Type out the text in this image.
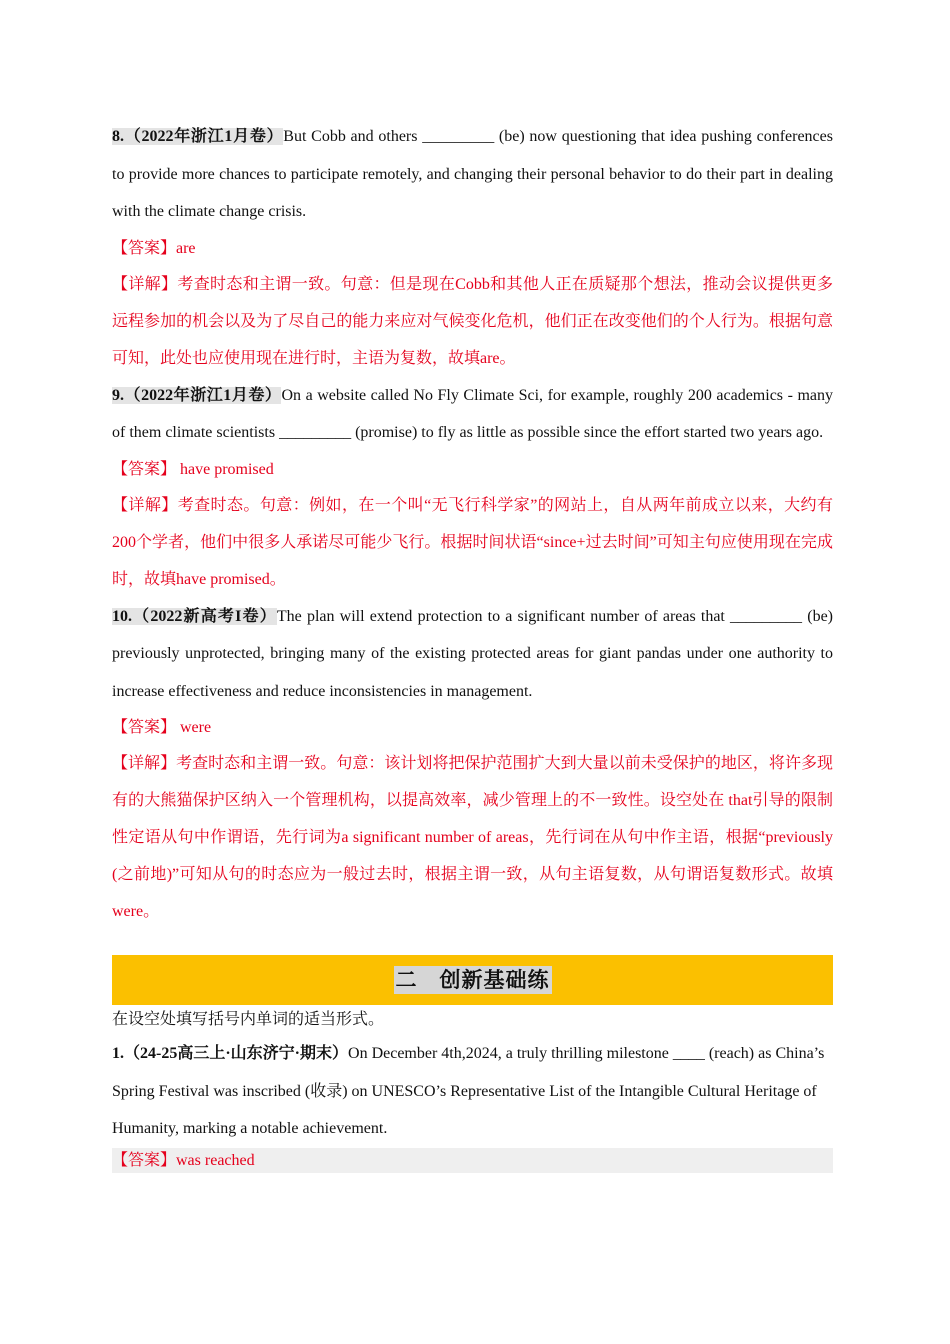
8.（2022年浙江1月卷）But Cobb and others _________ (be) now questioning that idea pushing conferences to provide more chances to participate remotely, and changing their personal behavior to do their part in dealing with the climate change crisis.

【答案】are

【详解】考查时态和主谓一致。句意：但是现在Cobb和其他人正在质疑那个想法，推动会议提供更多远程参加的机会以及为了尽自己的能力来应对气候变化危机，他们正在改变他们的个人行为。根据句意可知，此处也应使用现在进行时，主语为复数，故填are。

9.（2022年浙江1月卷）On a website called No Fly Climate Sci, for example, roughly 200 academics - many of them climate scientists _________ (promise) to fly as little as possible since the effort started two years ago.

【答案】 have promised

【详解】考查时态。句意：例如，在一个叫“无飞行科学家”的网站上，自从两年前成立以来，大约有200个学者，他们中很多人承诺尽可能少飞行。根据时间状语“since+过去时间”可知主句应使用现在完成时，故填have promised。

10.（2022新高考I卷）The plan will extend protection to a significant number of areas that _________ (be) previously unprotected, bringing many of the existing protected areas for giant pandas under one authority to increase effectiveness and reduce inconsistencies in management.

【答案】 were

【详解】考查时态和主谓一致。句意：该计划将把保护范围扩大到大量以前未受保护的地区，将许多现有的大熊猫保护区纳入一个管理机构，以提高效率，减少管理上的不一致性。设空处在 that引导的限制性定语从句中作谓语，先行词为a significant number of areas，先行词在从句中作主语，根据“previously (之前地)”可知从句的时态应为一般过去时，根据主谓一致，从句主语复数，从句谓语复数形式。故填were。

二　创新基础练

在设空处填写括号内单词的适当形式。

1.（24-25高三上·山东济宁·期末）On December 4th,2024, a truly thrilling milestone ____ (reach) as China’s Spring Festival was inscribed (收录) on UNESCO’s Representative List of the Intangible Cultural Heritage of Humanity, marking a notable achievement.

【答案】was reached
